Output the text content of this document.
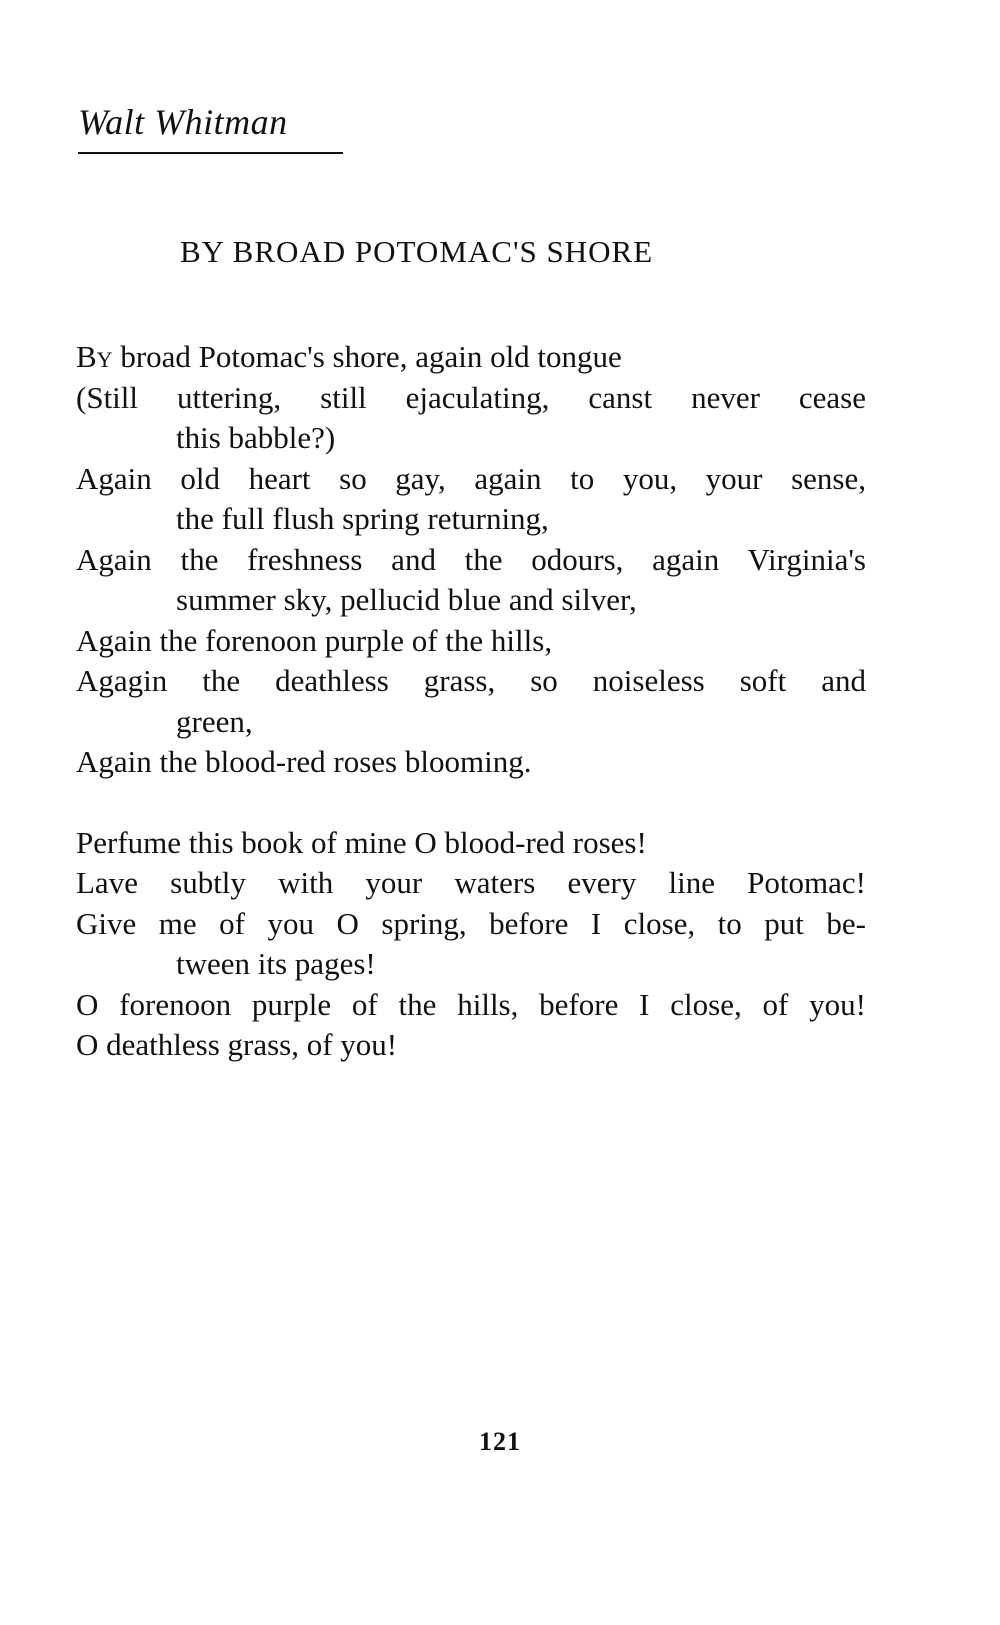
Walt Whitman
BY BROAD POTOMAC'S SHORE
By broad Potomac's shore, again old tongue
(Still uttering, still ejaculating, canst never cease
this babble?)
Again old heart so gay, again to you, your sense,
the full flush spring returning,
Again the freshness and the odours, again Virginia's
summer sky, pellucid blue and silver,
Again the forenoon purple of the hills,
Agagin the deathless grass, so noiseless soft and
green,
Again the blood-red roses blooming.
Perfume this book of mine O blood-red roses!
Lave subtly with your waters every line Potomac!
Give me of you O spring, before I close, to put be-
tween its pages!
O forenoon purple of the hills, before I close, of you!
O deathless grass, of you!
121
